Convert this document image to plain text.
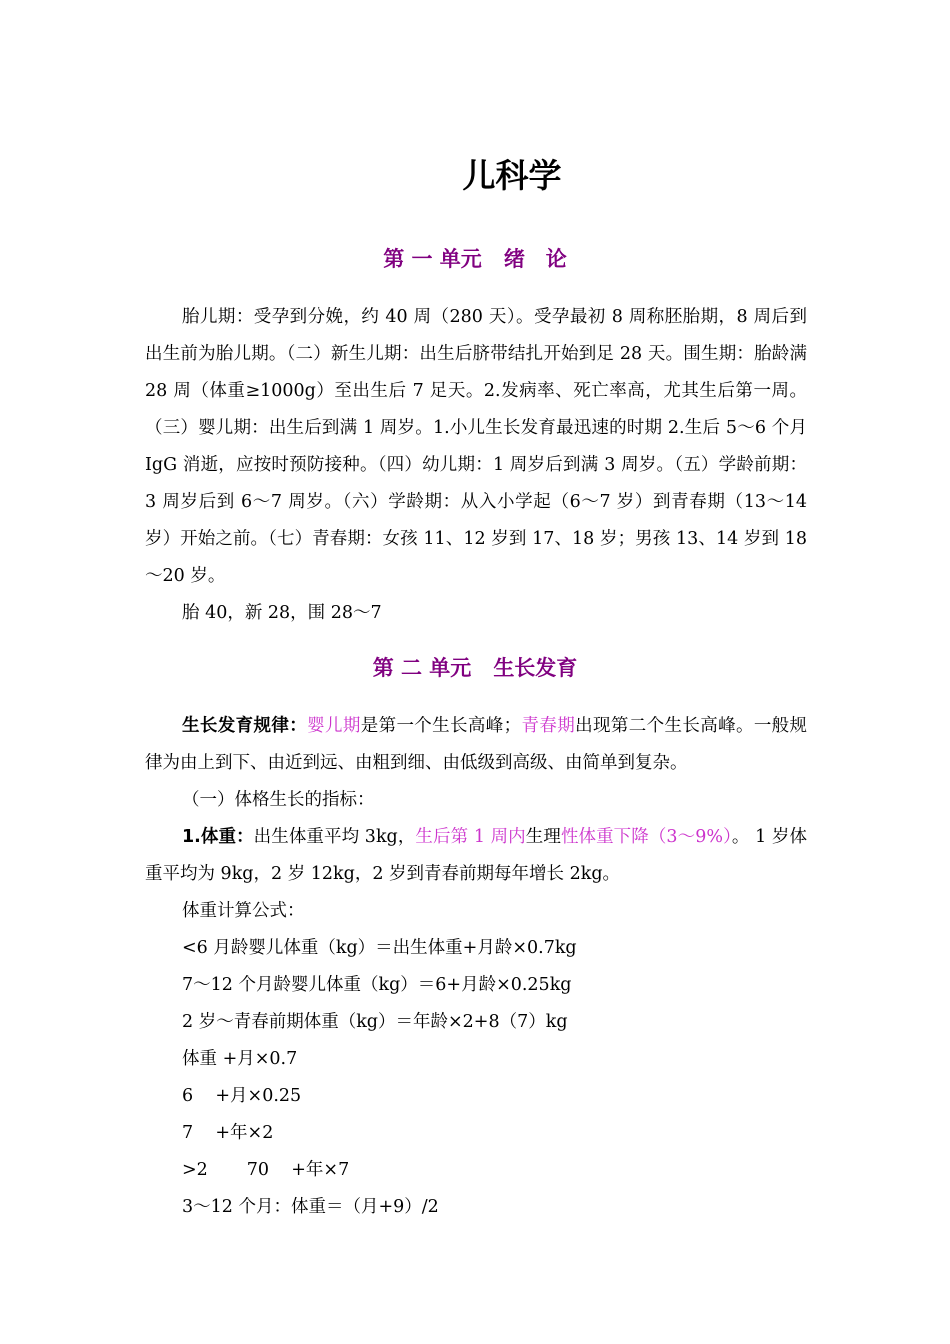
儿科学
第 一 单元 绪　论

胎儿期：受孕到分娩，约 40 周（280 天）。受孕最初 8 周称胚胎期，8 周后到出生前为胎儿期。（二）新生儿期：出生后脐带结扎开始到足 28 天。围生期：胎龄满 28 周（体重≥1000g）至出生后 7 足天。2.发病率、死亡率高，尤其生后第一周。（三）婴儿期：出生后到满 1 周岁。1.小儿生长发育最迅速的时期 2.生后 5～6 个月 IgG 消逝，应按时预防接种。（四）幼儿期：1 周岁后到满 3 周岁。（五）学龄前期：3 周岁后到 6～7 周岁。（六）学龄期：从入小学起（6～7 岁）到青春期（13～14 岁）开始之前。（七）青春期：女孩 11、12 岁到 17、18 岁；男孩 13、14 岁到 18～20 岁。

胎 40，新 28，围 28～7

第 二 单元 生长发育

生长发育规律：婴儿期是第一个生长高峰；青春期出现第二个生长高峰。一般规律为由上到下、由近到远、由粗到细、由低级到高级、由简单到复杂。

（一）体格生长的指标：

1.体重：出生体重平均 3kg，生后第 1 周内生理性体重下降（3～9%）。 1 岁体重平均为 9kg，2 岁 12kg，2 岁到青春前期每年增长 2kg。

体重计算公式：

<6 月龄婴儿体重（kg）＝出生体重+月龄×0.7kg

7～12 个月龄婴儿体重（kg）＝6+月龄×0.25kg

2 岁～青春前期体重（kg）＝年龄×2+8（7）kg

体重 +月×0.7

6    +月×0.25

7    +年×2

>2       70    +年×7

3～12 个月：体重＝（月+9）/2
